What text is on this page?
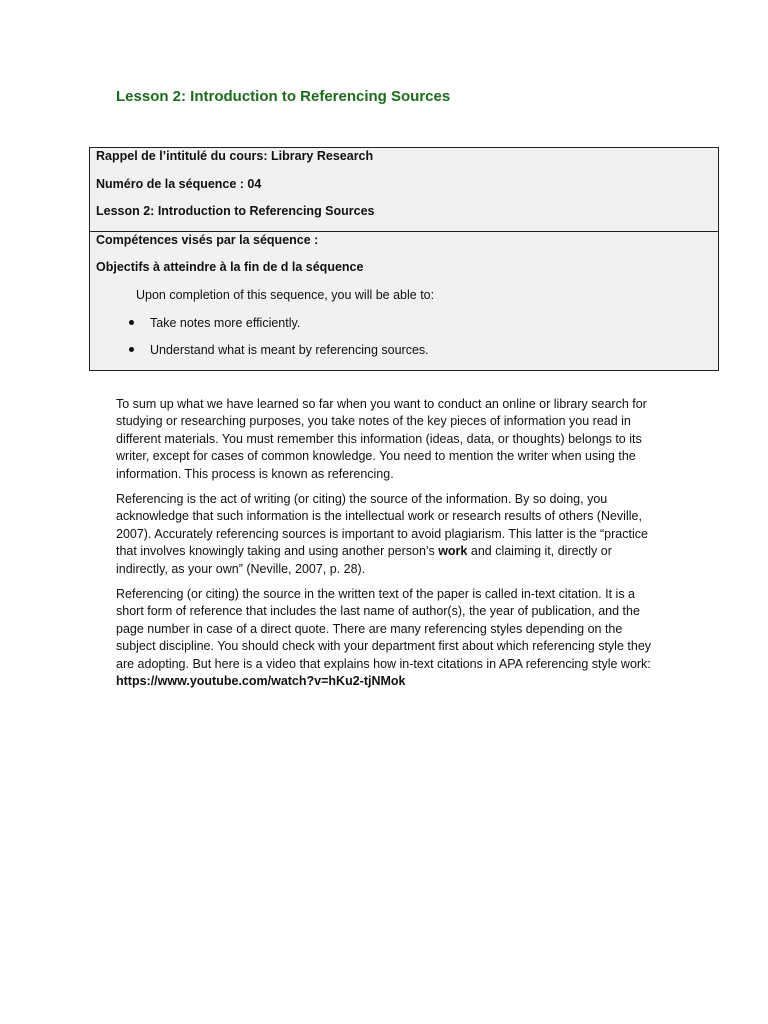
Lesson 2: Introduction to Referencing Sources
Rappel de l’intitulé du cours: Library Research
Numéro de la séquence : 04
Lesson 2: Introduction to Referencing Sources
Compétences visés par la séquence :
Objectifs à atteindre à la fin de d la séquence
Upon completion of this sequence, you will be able to:
Take notes more efficiently.
Understand what is meant by referencing sources.

To sum up what we have learned so far when you want to conduct an online or library search for studying or researching purposes, you take notes of the key pieces of information you read in different materials. You must remember this information (ideas, data, or thoughts) belongs to its writer, except for cases of common knowledge. You need to mention the writer when using the information. This process is known as referencing.

Referencing is the act of writing (or citing) the source of the information. By so doing, you acknowledge that such information is the intellectual work or research results of others (Neville, 2007). Accurately referencing sources is important to avoid plagiarism. This latter is the “practice that involves knowingly taking and using another person’s work and claiming it, directly or indirectly, as your own” (Neville, 2007, p. 28).

Referencing (or citing) the source in the written text of the paper is called in-text citation. It is a short form of reference that includes the last name of author(s), the year of publication, and the page number in case of a direct quote. There are many referencing styles depending on the subject discipline. You should check with your department first about which referencing style they are adopting. But here is a video that explains how in-text citations in APA referencing style work: https://www.youtube.com/watch?v=hKu2-tjNMok
